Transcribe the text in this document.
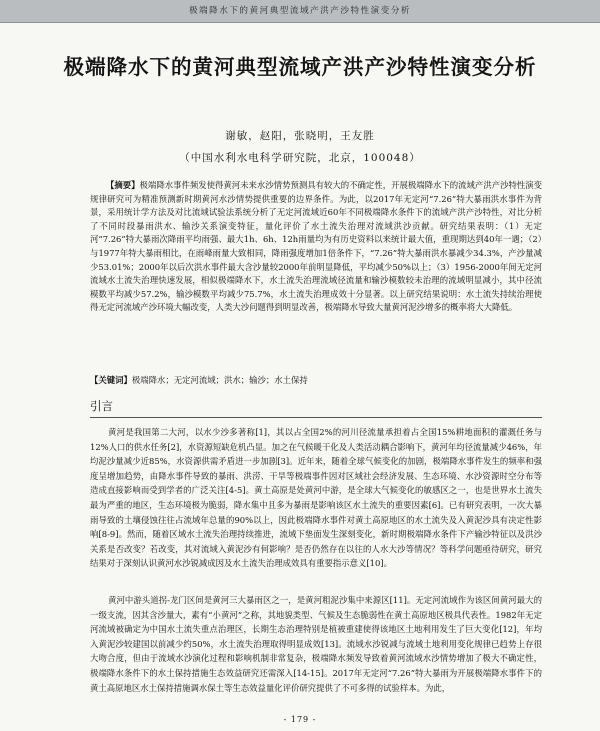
极端降水下的黄河典型流域产洪产沙特性演变分析
极端降水下的黄河典型流域产洪产沙特性演变分析
谢敏，赵阳，张晓明，王友胜
（中国水利水电科学研究院，北京，100048）

【摘要】极端降水事件频发使得黄河未来水沙情势预测具有较大的不确定性，开展极端降水下的流域产洪产沙特性演变规律研究可为精准预测新时期黄河水沙情势提供重要的边界条件。为此，以2017年无定河“7.26”特大暴雨洪水事件为背景，采用统计学方法及对比流域试验法系统分析了无定河流域近60年不同极端降水条件下的流域产洪产沙特性，对比分析了不同时段暴雨洪水、输沙关系演变特征，量化评价了水土流失治理对流域洪沙贡献。研究结果表明：（1）无定河“7.26”特大暴雨次降雨平均雨强、最大1h、6h、12h雨量均为有历史资料以来统计最大值，重现期达到40年一遇；（2）与1977年特大暴雨相比，在雨峰雨量大致相同，降雨强度增加1倍条件下，“7.26”特大暴雨洪水暴减少34.3%，产沙量减少53.01%；2000年以后次洪水事件最大含沙量较2000年前明显降低，平均减少50%以上；（3）1956-2000年间无定河流域水土流失治理快速发展，相似极端降水下，水土流失治理流域径流量和输沙模数较未治理的流域明显减小，其中径流模数平均减少57.2%，输沙模数平均减少75.7%，水土流失治理成效十分显著。以上研究结果说明：水土流失持续治理使得无定河流域产沙环境大幅改变，人类大沙问题得到明显改善，极端降水导致大量黄河泥沙增多的概率将大大降低。

【关键词】极端降水；无定河流域；洪水；输沙；水土保持

引言

黄河是我国第二大河，以水少沙多著称[1]，其以占全国2%的河川径流量承担着占全国15%耕地面积的灌溉任务与12%人口的供水任务[2]，水资源短缺危机凸显。加之在气候暖干化及人类活动耦合影响下，黄河年均径流量减少46%，年均泥沙量减少近85%，水资源供需矛盾进一步加剧[3]。近年来，随着全球气候变化的加剧，极端降水事件发生的频率和强度呈增加趋势，由降水事件导致的暴雨、洪涝、干旱等极端事件因对区域社会经济发展、生态环境、水沙资源时空分布等造成直接影响而受到学者的广泛关注[4-5]。黄土高原是处黄河中游，是全球大气候变化的敏感区之一，也是世界水土流失最为严重的地区，生态环境极为脆弱，降水集中且多为暴雨是影响该区水土流失的重要因素[6]。已有研究表明，一次大暴雨导致的土壤侵蚀往往占流域年总量的90%以上，因此极端降水事件对黄土高原地区的水土流失及入黄泥沙具有决定性影响[8-9]。然而，随着区域水土流失治理持续推进，流域下垫面发生深刻变化，新时期极端降水条件下产输沙特征以及洪沙关系是否改变？若改变，其对流域入黄泥沙有何影响？是否仍然存在以往的人水大沙等情况？等科学问题亟待研究，研究结果对于深刻认识黄河水沙锐减成因及水土流失治理成效具有重要指示意义[10]。

黄河中游头道拐-龙门区间是黄河三大暴雨区之一，是黄河粗泥沙集中来源区[11]。无定河流域作为该区间黄河最大的一级支流，因其含沙量大，素有“小黄河”之称，其地貌类型、气候及生态脆弱性在黄土高原地区极具代表性。1982年无定河流域被确定为中国水土流失重点治理区，长期生态治理特别是植被重建使得该地区土地利用发生了巨大变化[12]，年均入黄泥沙较建国以前减少约50%，水土流失治理取得明显成效[13]。流域水沙锐减与流域土地利用变化规律已趋势上存很大吻合度，但由于流域水沙演化过程和影响机制非常复杂，极端降水频发导致着黄河流域水沙情势增加了极大不确定性，极端降水条件下的水土保持措施生态效益研究还需深入[14-15]。2017年无定河“7.26”特大暴雨为开展极端降水事件下的黄土高原地区水土保持措施调水保土等生态效益量化评价研究提供了不可多得的试验样本。为此，

- 179 -
